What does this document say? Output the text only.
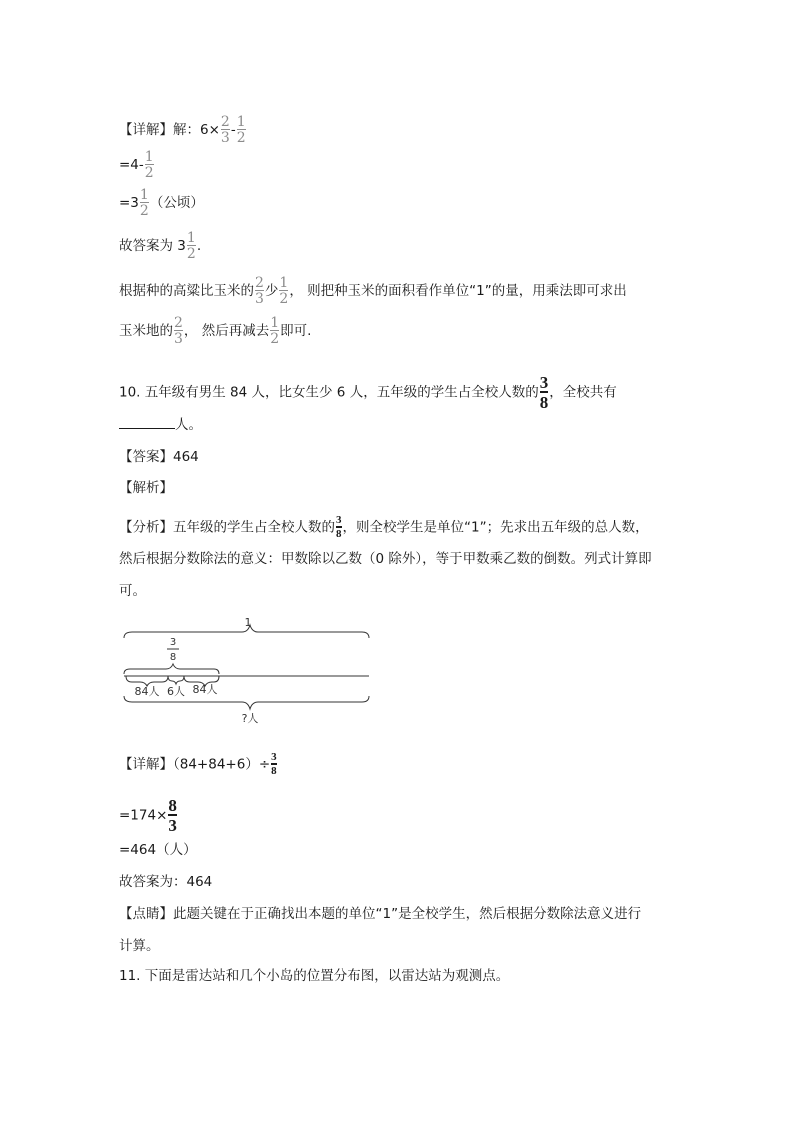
【详解】解：$6\times \frac{2}{3} - \frac{1}{2}$
$=4- \frac{1}{2}$
$=3 \frac{1}{2}$ （公顷）
故答案为 $3 \frac{1}{2}$ .
根据种的高粱比玉米的 $\frac{2}{3}$ 少 $\frac{1}{2}$ ， 则把种玉米的面积看作单位“1”的量，用乘法即可求出
玉米地的 $\frac{2}{3}$ ， 然后再减去 $\frac{1}{2}$ 即可.
10. 五年级有男生 84 人，比女生少 6 人，五年级的学生占全校人数的 $\frac{3}{8}$ ，全校共有
人。
【答案】464
【解析】
【分析】五年级的学生占全校人数的 $\frac{3}{8}$ ，则全校学生是单位“1”；先求出五年级的总人数，
然后根据分数除法的意义：甲数除以乙数（0 除外），等于甲数乘乙数的倒数。列式计算即
可。
1
3
8
84人 6人 84人
?人
【详解】$(84+84+6)\div \frac{3}{8}$
$=174\times \frac{8}{3}$
=464（人）
故答案为：464
【点睛】此题关键在于正确找出本题的单位“1”是全校学生，然后根据分数除法意义进行
计算。
11. 下面是雷达站和几个小岛的位置分布图，以雷达站为观测点。
